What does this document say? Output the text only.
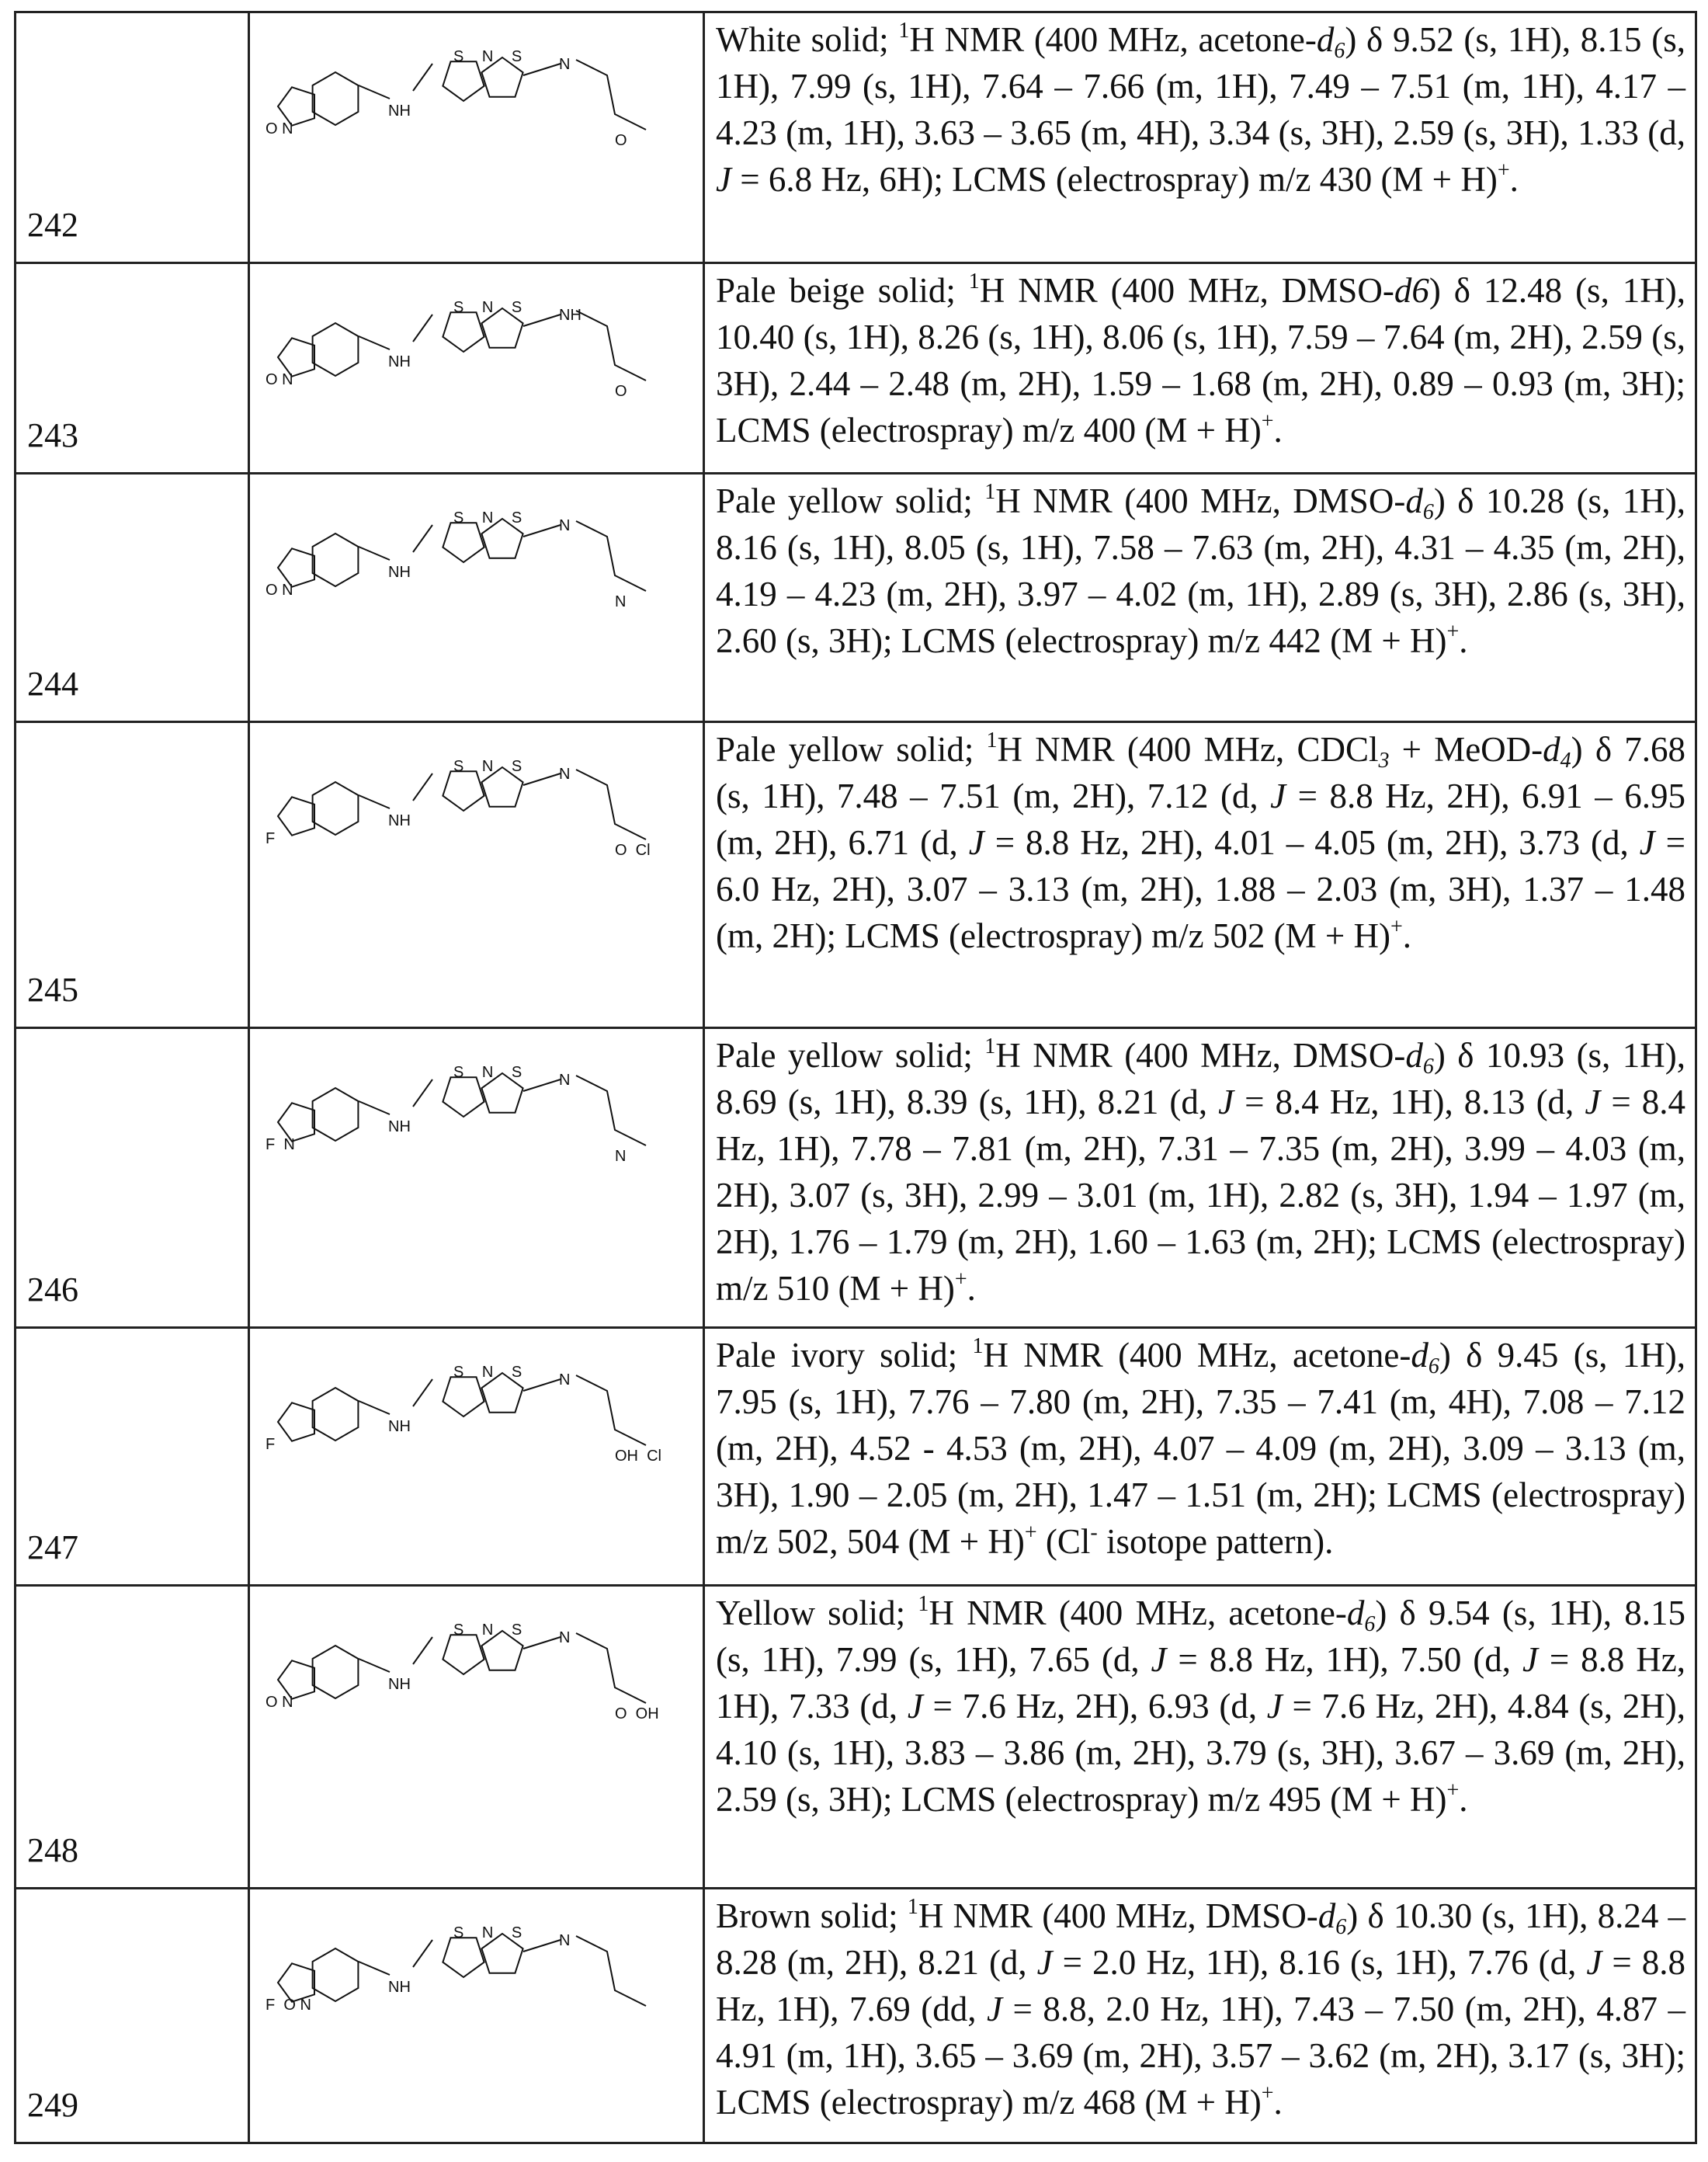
242	
O N
NH
S N S N
O
	White solid; 1H NMR (400 MHz, acetone-d6) δ 9.52 (s, 1H), 8.15 (s, 1H), 7.99 (s, 1H), 7.64 – 7.66 (m, 1H), 7.49 – 7.51 (m, 1H), 4.17 – 4.23 (m, 1H), 3.63 – 3.65 (m, 4H), 3.34 (s, 3H), 2.59 (s, 3H), 1.33 (d, J = 6.8 Hz, 6H); LCMS (electrospray) m/z 430 (M + H)+.
243	
O N
NH
S N S NH
O
	Pale beige solid; 1H NMR (400 MHz, DMSO-d6) δ 12.48 (s, 1H), 10.40 (s, 1H), 8.26 (s, 1H), 8.06 (s, 1H), 7.59 – 7.64 (m, 2H), 2.59 (s, 3H), 2.44 – 2.48 (m, 2H), 1.59 – 1.68 (m, 2H), 0.89 – 0.93 (m, 3H); LCMS (electrospray) m/z 400 (M + H)+.
244	
O N
NH
S N S N
N
	Pale yellow solid; 1H NMR (400 MHz, DMSO-d6) δ 10.28 (s, 1H), 8.16 (s, 1H), 8.05 (s, 1H), 7.58 – 7.63 (m, 2H), 4.31 – 4.35 (m, 2H), 4.19 – 4.23 (m, 2H), 3.97 – 4.02 (m, 1H), 2.89 (s, 3H), 2.86 (s, 3H), 2.60 (s, 3H); LCMS (electrospray) m/z 442 (M + H)+.
245	
F
NH
S N S N
O  Cl
	Pale yellow solid; 1H NMR (400 MHz, CDCl3 + MeOD-d4) δ 7.68 (s, 1H), 7.48 – 7.51 (m, 2H), 7.12 (d, J = 8.8 Hz, 2H), 6.91 – 6.95 (m, 2H), 6.71 (d, J = 8.8 Hz, 2H), 4.01 – 4.05 (m, 2H), 3.73 (d, J = 6.0 Hz, 2H), 3.07 – 3.13 (m, 2H), 1.88 – 2.03 (m, 3H), 1.37 – 1.48 (m, 2H); LCMS (electrospray) m/z 502 (M + H)+.
246	
F  N
NH
S N S N
N
	Pale yellow solid; 1H NMR (400 MHz, DMSO-d6) δ 10.93 (s, 1H), 8.69 (s, 1H), 8.39 (s, 1H), 8.21 (d, J = 8.4 Hz, 1H), 8.13 (d, J = 8.4 Hz, 1H), 7.78 – 7.81 (m, 2H), 7.31 – 7.35 (m, 2H), 3.99 – 4.03 (m, 2H), 3.07 (s, 3H), 2.99 – 3.01 (m, 1H), 2.82 (s, 3H), 1.94 – 1.97 (m, 2H), 1.76 – 1.79 (m, 2H), 1.60 – 1.63 (m, 2H); LCMS (electrospray) m/z 510 (M + H)+.
247	
F
NH
S N S N
OH  Cl
	Pale ivory solid; 1H NMR (400 MHz, acetone-d6) δ 9.45 (s, 1H), 7.95 (s, 1H), 7.76 – 7.80 (m, 2H), 7.35 – 7.41 (m, 4H), 7.08 – 7.12 (m, 2H), 4.52 - 4.53 (m, 2H), 4.07 – 4.09 (m, 2H), 3.09 – 3.13 (m, 3H), 1.90 – 2.05 (m, 2H), 1.47 – 1.51 (m, 2H); LCMS (electrospray) m/z 502, 504 (M + H)+ (Cl- isotope pattern).
248	
O N
NH
S N S N
O  OH
	Yellow solid; 1H NMR (400 MHz, acetone-d6) δ 9.54 (s, 1H), 8.15 (s, 1H), 7.99 (s, 1H), 7.65 (d, J = 8.8 Hz, 1H), 7.50 (d, J = 8.8 Hz, 1H), 7.33 (d, J = 7.6 Hz, 2H), 6.93 (d, J = 7.6 Hz, 2H), 4.84 (s, 2H), 4.10 (s, 1H), 3.83 – 3.86 (m, 2H), 3.79 (s, 3H), 3.67 – 3.69 (m, 2H), 2.59 (s, 3H); LCMS (electrospray) m/z 495 (M + H)+.
249	
F  O N
NH
S N S N
	Brown solid; 1H NMR (400 MHz, DMSO-d6) δ 10.30 (s, 1H), 8.24 – 8.28 (m, 2H), 8.21 (d, J = 2.0 Hz, 1H), 8.16 (s, 1H), 7.76 (d, J = 8.8 Hz, 1H), 7.69 (dd, J = 8.8, 2.0 Hz, 1H), 7.43 – 7.50 (m, 2H), 4.87 – 4.91 (m, 1H), 3.65 – 3.69 (m, 2H), 3.57 – 3.62 (m, 2H), 3.17 (s, 3H); LCMS (electrospray) m/z 468 (M + H)+.
